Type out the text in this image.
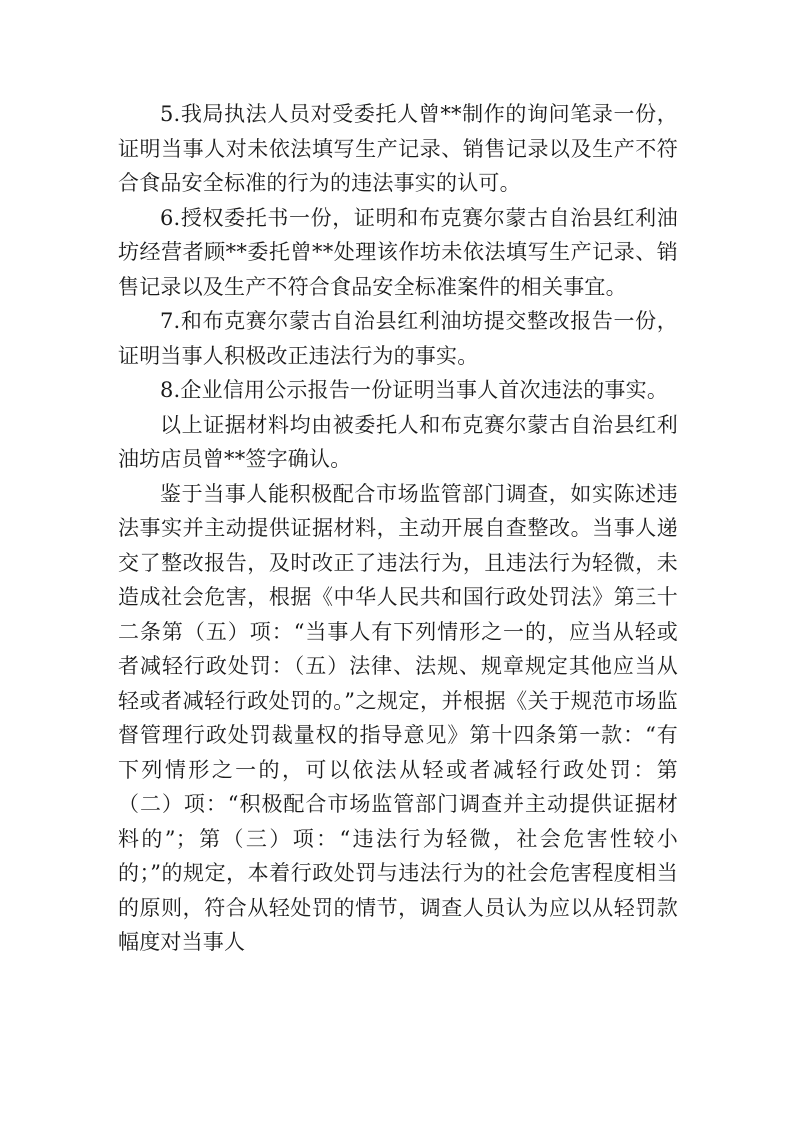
5.我局执法人员对受委托人曾**制作的询问笔录一份，证明当事人对未依法填写生产记录、销售记录以及生产不符合食品安全标准的行为的违法事实的认可。

6.授权委托书一份，证明和布克赛尔蒙古自治县红利油坊经营者顾**委托曾**处理该作坊未依法填写生产记录、销售记录以及生产不符合食品安全标准案件的相关事宜。

7.和布克赛尔蒙古自治县红利油坊提交整改报告一份，证明当事人积极改正违法行为的事实。

8.企业信用公示报告一份证明当事人首次违法的事实。

以上证据材料均由被委托人和布克赛尔蒙古自治县红利油坊店员曾**签字确认。

鉴于当事人能积极配合市场监管部门调查，如实陈述违法事实并主动提供证据材料，主动开展自查整改。当事人递交了整改报告，及时改正了违法行为，且违法行为轻微，未造成社会危害，根据《中华人民共和国行政处罚法》第三十二条第（五）项：“当事人有下列情形之一的，应当从轻或者减轻行政处罚：（五）法律、法规、规章规定其他应当从轻或者减轻行政处罚的。”之规定，并根据《关于规范市场监督管理行政处罚裁量权的指导意见》第十四条第一款：“有下列情形之一的，可以依法从轻或者减轻行政处罚：第（二）项：“积极配合市场监管部门调查并主动提供证据材料的”；第（三）项：“违法行为轻微，社会危害性较小的；”的规定，本着行政处罚与违法行为的社会危害程度相当的原则，符合从轻处罚的情节，调查人员认为应以从轻罚款幅度对当事人
